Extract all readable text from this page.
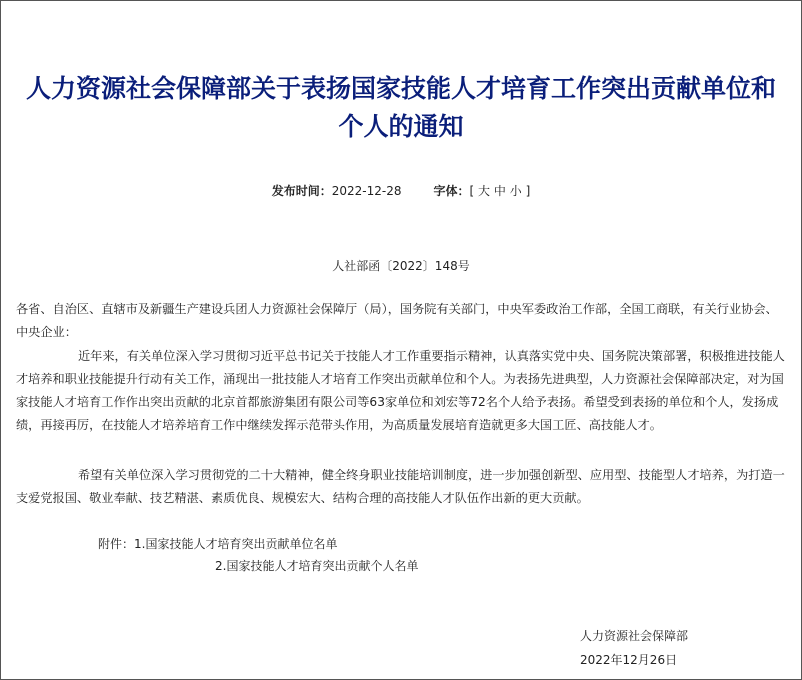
人力资源社会保障部关于表扬国家技能人才培育工作突出贡献单位和个人的通知
发布时间：2022-12-28	字体：[ 大 中 小 ]
人社部函〔2022〕148号

各省、自治区、直辖市及新疆生产建设兵团人力资源社会保障厅（局），国务院有关部门，中央军委政治工作部，全国工商联，有关行业协会、中央企业：

近年来，有关单位深入学习贯彻习近平总书记关于技能人才工作重要指示精神，认真落实党中央、国务院决策部署，积极推进技能人才培养和职业技能提升行动有关工作，涌现出一批技能人才培育工作突出贡献单位和个人。为表扬先进典型，人力资源社会保障部决定，对为国家技能人才培育工作作出突出贡献的北京首都旅游集团有限公司等63家单位和刘宏等72名个人给予表扬。希望受到表扬的单位和个人，发扬成绩，再接再厉，在技能人才培养培育工作中继续发挥示范带头作用，为高质量发展培育造就更多大国工匠、高技能人才。

希望有关单位深入学习贯彻党的二十大精神，健全终身职业技能培训制度，进一步加强创新型、应用型、技能型人才培养，为打造一支爱党报国、敬业奉献、技艺精湛、素质优良、规模宏大、结构合理的高技能人才队伍作出新的更大贡献。

附件：1.国家技能人才培育突出贡献单位名单
2.国家技能人才培育突出贡献个人名单
人力资源社会保障部
2022年12月26日
